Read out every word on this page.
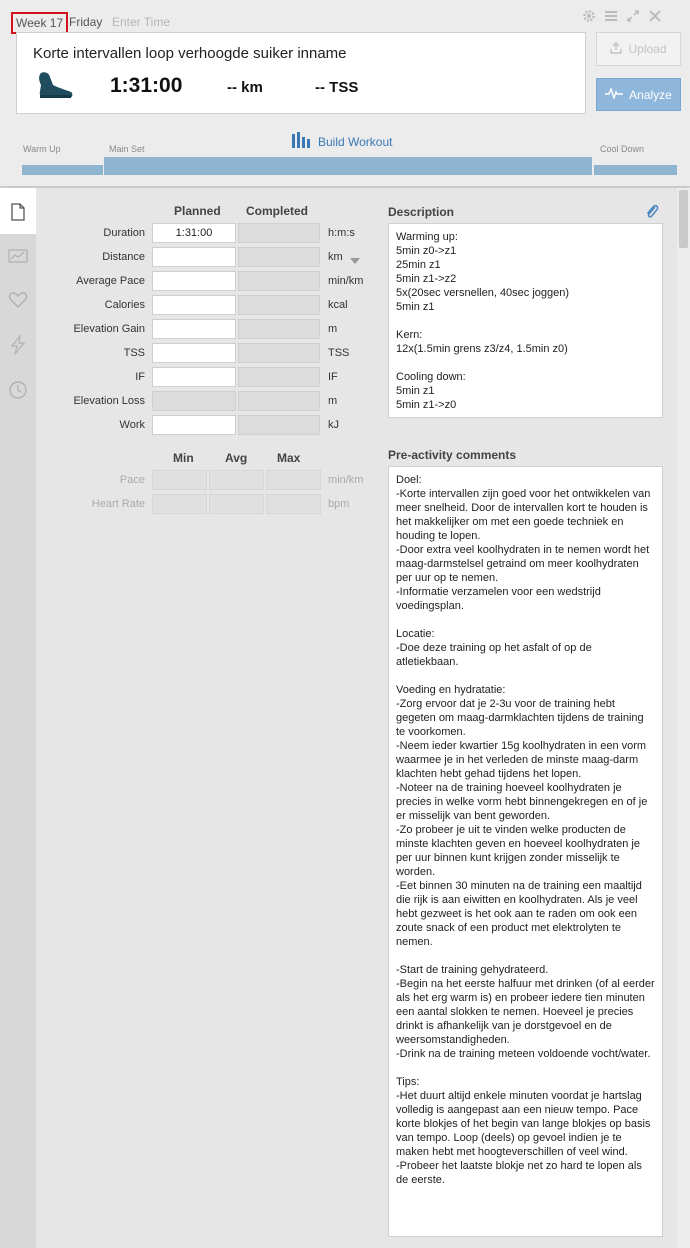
Week 17 Friday Enter Time
Korte intervallen loop verhoogde suiker inname
1:31:00	-- km	-- TSS
Upload
Analyze
Warm Up	Main Set	Cool Down
Build Workout
Planned Completed
Duration	1:31:00	h:m:s
Distance	km
Average Pace	min/km
Calories	kcal
Elevation Gain	m
TSS	TSS
IF	IF
Elevation Loss	m
Work	kJ
Min	Avg Max
Pace	min/km
Heart Rate	bpm
Description
Warming up:
5min z0->z1
25min z1
5min z1->z2
5x(20sec versnellen, 40sec joggen)
5min z1

Kern:
12x(1.5min grens z3/z4, 1.5min z0)

Cooling down:
5min z1
5min z1->z0
Pre-activity comments
Doel:
-Korte intervallen zijn goed voor het ontwikkelen van meer snelheid. Door de intervallen kort te houden is het makkelijker om met een goede techniek en houding te lopen.
-Door extra veel koolhydraten in te nemen wordt het maag-darmstelsel getraind om meer koolhydraten per uur op te nemen.
-Informatie verzamelen voor een wedstrijd voedingsplan.

Locatie:
-Doe deze training op het asfalt of op de atletiekbaan.

Voeding en hydratatie:
-Zorg ervoor dat je 2-3u voor de training hebt gegeten om maag-darmklachten tijdens de training te voorkomen.
-Neem ieder kwartier 15g koolhydraten in een vorm waarmee je in het verleden de minste maag-darm klachten hebt gehad tijdens het lopen.
-Noteer na de training hoeveel koolhydraten je precies in welke vorm hebt binnengekregen en of je er misselijk van bent geworden.
-Zo probeer je uit te vinden welke producten de minste klachten geven en hoeveel koolhydraten je per uur binnen kunt krijgen zonder misselijk te worden.
-Eet binnen 30 minuten na de training een maaltijd die rijk is aan eiwitten en koolhydraten. Als je veel hebt gezweet is het ook aan te raden om ook een zoute snack of een product met elektrolyten te nemen.

-Start de training gehydrateerd.
-Begin na het eerste halfuur met drinken (of al eerder als het erg warm is) en probeer iedere tien minuten een aantal slokken te nemen. Hoeveel je precies drinkt is afhankelijk van je dorstgevoel en de weersomstandigheden.
-Drink na de training meteen voldoende vocht/water.

Tips:
-Het duurt altijd enkele minuten voordat je hartslag volledig is aangepast aan een nieuw tempo. Pace korte blokjes of het begin van lange blokjes op basis van tempo. Loop (deels) op gevoel indien je te maken hebt met hoogteverschillen of veel wind.
-Probeer het laatste blokje net zo hard te lopen als de eerste.
